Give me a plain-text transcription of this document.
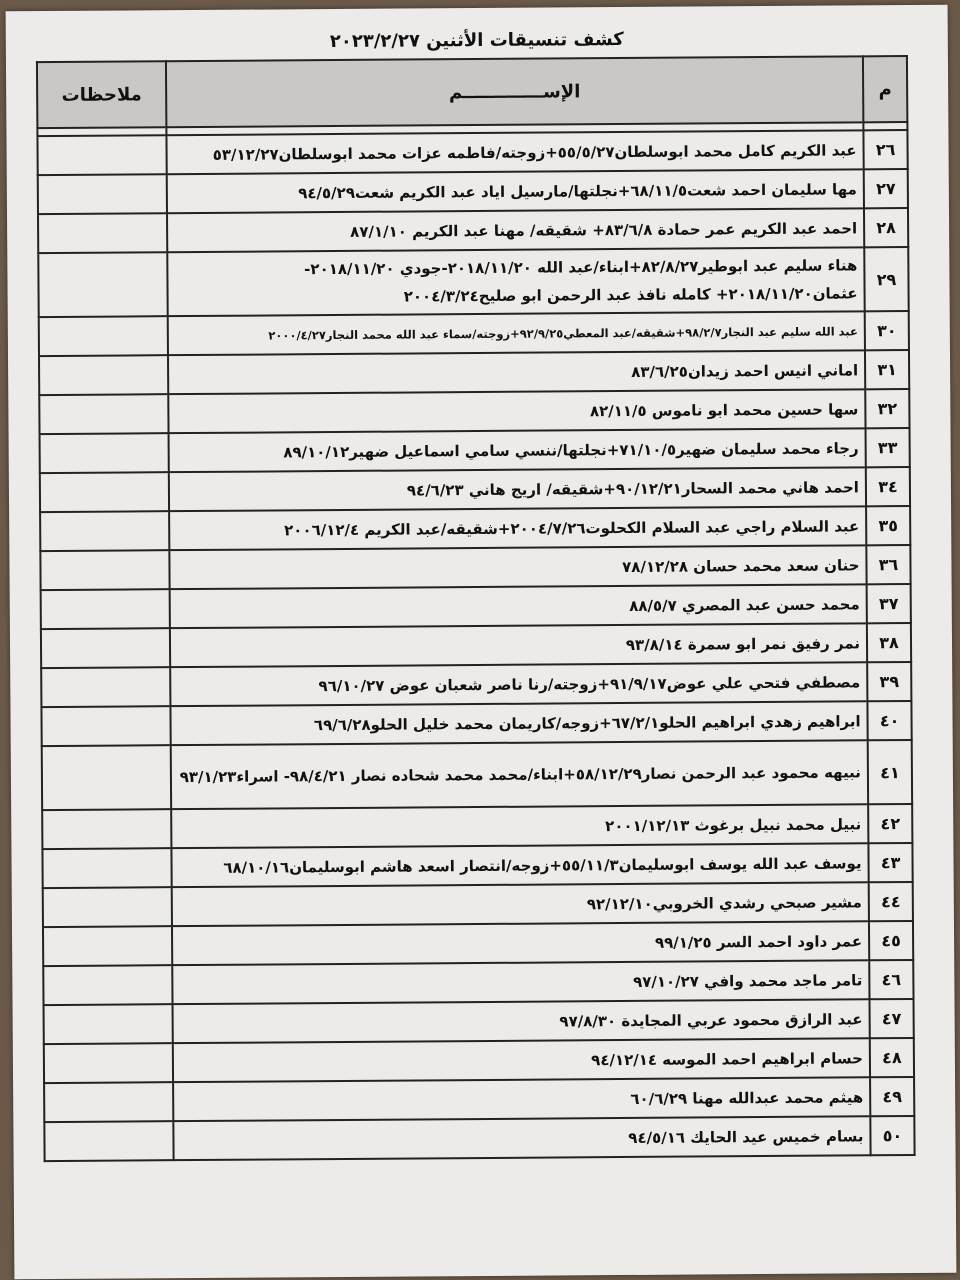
كشف تنسيقات الأثنين ٢٠٢٣/٢/٢٧
م	الإســـــــــــــم	ملاحظات

٢٦	عبد الكريم كامل محمد ابوسلطان٥٥/٥/٢٧+زوجته/فاطمه عزات محمد ابوسلطان٥٣/١٢/٢٧	
٢٧	مها سليمان احمد شعت٦٨/١١/٥+نجلتها/مارسيل اياد عبد الكريم شعت٩٤/٥/٢٩	
٢٨	احمد عبد الكريم عمر حمادة ٨٣/٦/٨+ شقيقه/ مهنا عبد الكريم ٨٧/١/١٠	
٢٩	هناء سليم عبد ابوطير٨٢/٨/٢٧+ابناء/عبد الله ٢٠١٨/١١/٢٠-جودي ٢٠١٨/١١/٢٠- عثمان٢٠١٨/١١/٢٠+ كامله نافذ عبد الرحمن ابو صليح٢٠٠٤/٣/٢٤	
٣٠	عبد الله سليم عبد النجار٩٨/٢/٧+شقيقه/عبد المعطي٩٢/٩/٢٥+زوجته/سماء عبد الله محمد النجار٢٠٠٠/٤/٢٧	
٣١	اماني انيس احمد زيدان٨٣/٦/٢٥	
٣٢	سها حسين محمد ابو ناموس ٨٢/١١/٥	
٣٣	رجاء محمد سليمان ضهير٧١/١٠/٥+نجلتها/ننسي سامي اسماعيل ضهير٨٩/١٠/١٢	
٣٤	احمد هاني محمد السحار٩٠/١٢/٢١+شقيقه/ اريج هاني ٩٤/٦/٢٣	
٣٥	عبد السلام راجي عبد السلام الكحلوت٢٠٠٤/٧/٢٦+شقيقه/عبد الكريم ٢٠٠٦/١٢/٤	
٣٦	حنان سعد محمد حسان ٧٨/١٢/٢٨	
٣٧	محمد حسن عبد المصري ٨٨/٥/٧	
٣٨	نمر رفيق نمر ابو سمرة ٩٣/٨/١٤	
٣٩	مصطفي فتحي علي عوض٩١/٩/١٧+زوجته/رنا ناصر شعبان عوض ٩٦/١٠/٢٧	
٤٠	ابراهيم زهدي ابراهيم الحلو٦٧/٢/١+زوجه/كاريمان محمد خليل الحلو٦٩/٦/٢٨	
٤١	نبيهه محمود عبد الرحمن نصار٥٨/١٢/٢٩+ابناء/محمد محمد شحاده نصار ٩٨/٤/٢١- اسراء٩٣/١/٢٣	
٤٢	نبيل محمد نبيل برغوث ٢٠٠١/١٢/١٣	
٤٣	يوسف عبد الله يوسف ابوسليمان٥٥/١١/٣+زوجه/انتصار اسعد هاشم ابوسليمان٦٨/١٠/١٦	
٤٤	مشير صبحي رشدي الخروبي٩٢/١٢/١٠	
٤٥	عمر داود احمد السر ٩٩/١/٢٥	
٤٦	تامر ماجد محمد وافي ٩٧/١٠/٢٧	
٤٧	عبد الرازق محمود عربي المجايدة ٩٧/٨/٣٠	
٤٨	حسام ابراهيم احمد الموسه ٩٤/١٢/١٤	
٤٩	هيثم محمد عبدالله مهنا ٦٠/٦/٢٩	
٥٠	بسام خميس عيد الحايك ٩٤/٥/١٦	
